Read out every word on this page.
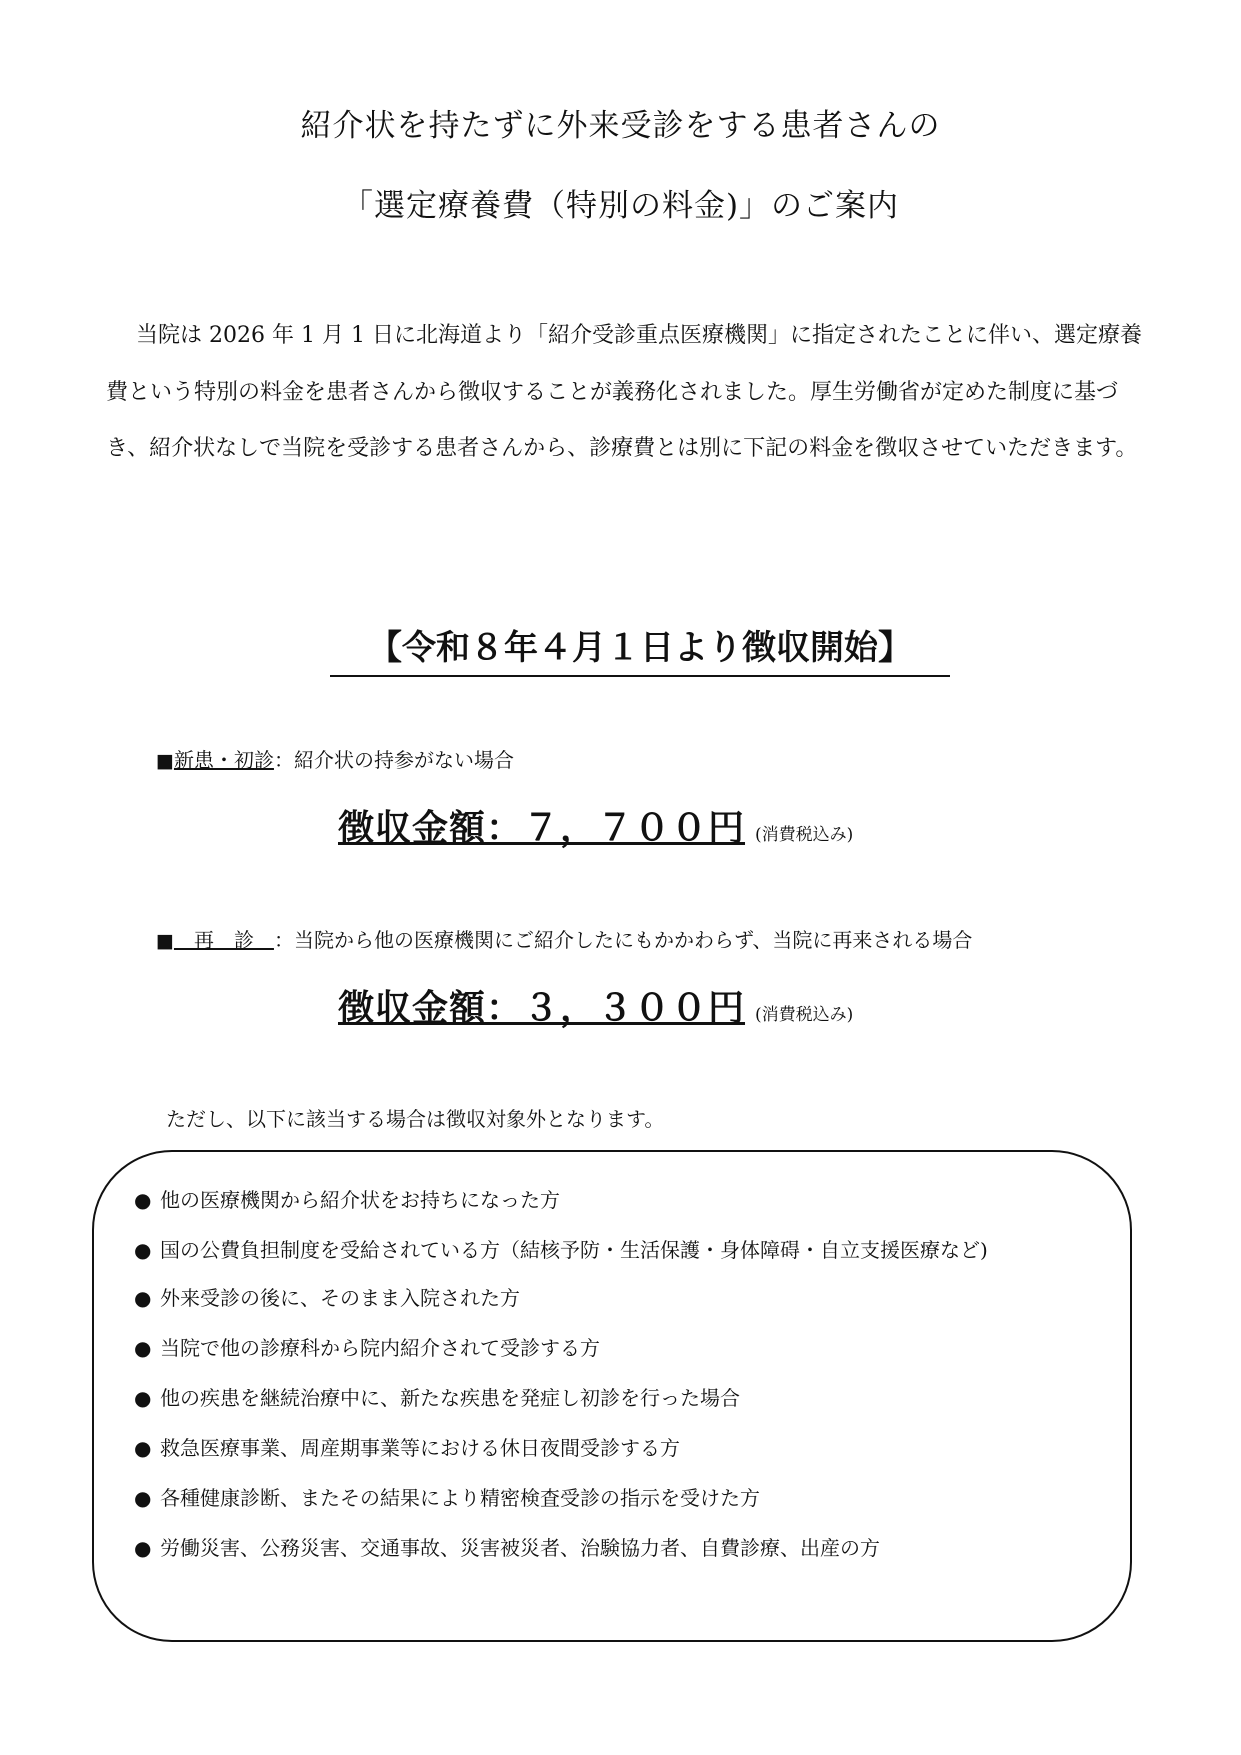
紹介状を持たずに外来受診をする患者さんの
「選定療養費（特別の料金)」のご案内

当院は 2026 年 1 月 1 日に北海道より「紹介受診重点医療機関」に指定されたことに伴い、選定療養費という特別の料金を患者さんから徴収することが義務化されました。厚生労働省が定めた制度に基づき、紹介状なしで当院を受診する患者さんから、診療費とは別に下記の料金を徴収させていただきます。

【令和８年４月１日より徴収開始】
■新患・初診：紹介状の持参がない場合
徴収金額：７，７００円 (消費税込み)
■　再　診　：当院から他の医療機関にご紹介したにもかかわらず、当院に再来される場合
徴収金額：３，３００円 (消費税込み)
ただし、以下に該当する場合は徴収対象外となります。
● 他の医療機関から紹介状をお持ちになった方
● 国の公費負担制度を受給されている方（結核予防・生活保護・身体障碍・自立支援医療など)
● 外来受診の後に、そのまま入院された方
● 当院で他の診療科から院内紹介されて受診する方
● 他の疾患を継続治療中に、新たな疾患を発症し初診を行った場合
● 救急医療事業、周産期事業等における休日夜間受診する方
● 各種健康診断、またその結果により精密検査受診の指示を受けた方
● 労働災害、公務災害、交通事故、災害被災者、治験協力者、自費診療、出産の方
